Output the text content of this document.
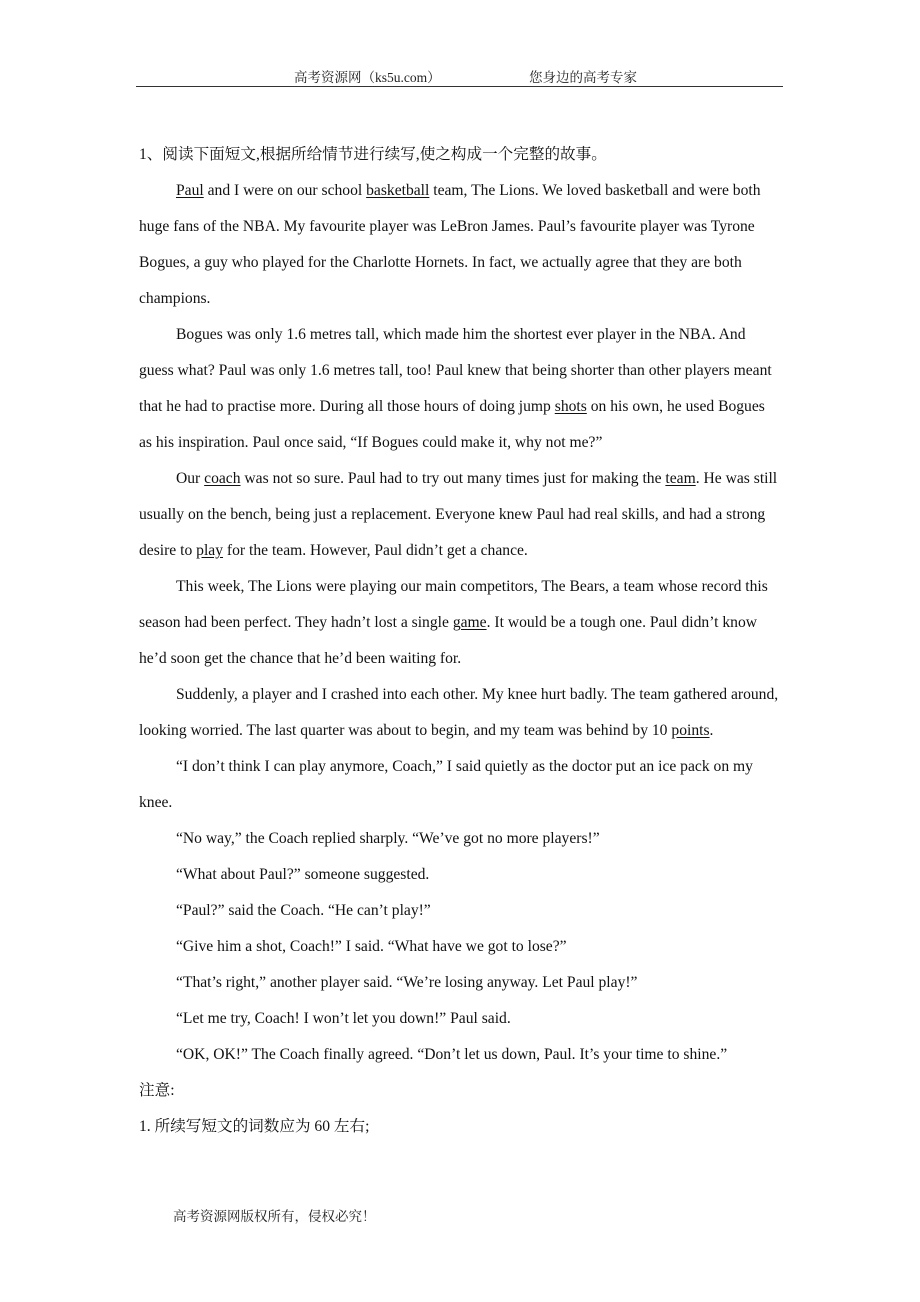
高考资源网（ks5u.com）	您身边的高考专家

1、阅读下面短文,根据所给情节进行续写,使之构成一个完整的故事。

Paul and I were on our school basketball team, The Lions. We loved basketball and were both huge fans of the NBA. My favourite player was LeBron James. Paul’s favourite player was Tyrone Bogues, a guy who played for the Charlotte Hornets. In fact, we actually agree that they are both champions.

Bogues was only 1.6 metres tall, which made him the shortest ever player in the NBA. And guess what? Paul was only 1.6 metres tall, too! Paul knew that being shorter than other players meant that he had to practise more. During all those hours of doing jump shots on his own, he used Bogues as his inspiration. Paul once said, “If Bogues could make it, why not me?”

Our coach was not so sure. Paul had to try out many times just for making the team. He was still usually on the bench, being just a replacement. Everyone knew Paul had real skills, and had a strong desire to play for the team. However, Paul didn’t get a chance.

This week, The Lions were playing our main competitors, The Bears, a team whose record this season had been perfect. They hadn’t lost a single game. It would be a tough one. Paul didn’t know he’d soon get the chance that he’d been waiting for.

Suddenly, a player and I crashed into each other. My knee hurt badly. The team gathered around, looking worried. The last quarter was about to begin, and my team was behind by 10 points.

“I don’t think I can play anymore, Coach,” I said quietly as the doctor put an ice pack on my knee.

“No way,” the Coach replied sharply. “We’ve got no more players!”

“What about Paul?” someone suggested.

“Paul?” said the Coach. “He can’t play!”

“Give him a shot, Coach!” I said. “What have we got to lose?”

“That’s right,” another player said. “We’re losing anyway. Let Paul play!”

“Let me try, Coach! I won’t let you down!” Paul said.

“OK, OK!” The Coach finally agreed. “Don’t let us down, Paul. It’s your time to shine.”

注意:

1. 所续写短文的词数应为 60 左右;

高考资源网版权所有，侵权必究！
